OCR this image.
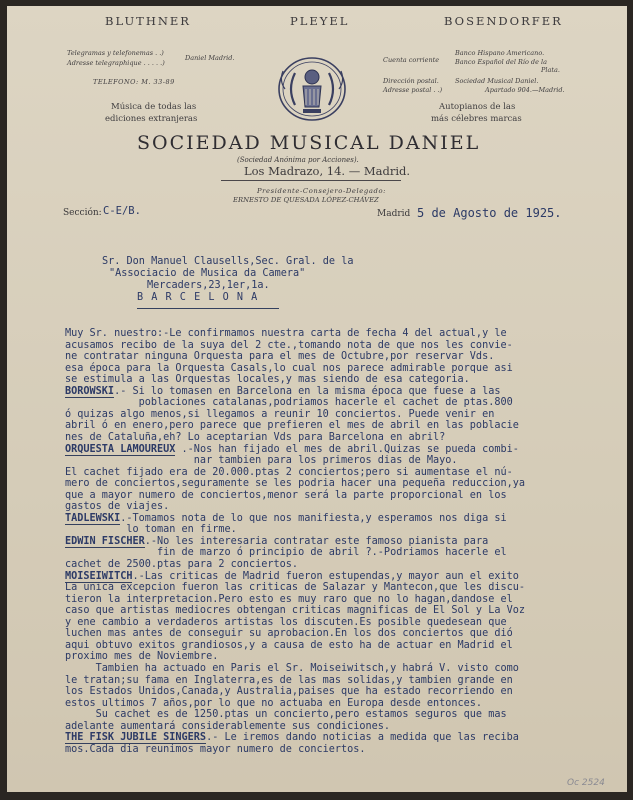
BLUTHNER	PLEYEL	BOSENDORFER
Telegramas y telefonemas . .)
Daniel Madrid.
Adresse telegraphique . . . . .)
TELEFONO: M. 33-89
Música de todas las
ediciones extranjeras
Cuenta corriente
Banco Hispano Americano.
Banco Español del Río de la
Plata.
Dirección postal. Sociedad Musical Daniel.
Adresse postal . .)	Apartado 904.—Madrid.
Autopianos de las
más célebres marcas
SOCIEDAD MUSICAL DANIEL
(Sociedad Anónima por Acciones).
Los Madrazo, 14. — Madrid.
Presidente-Consejero-Delegado:
ERNESTO DE QUESADA LÓPEZ-CHÁVEZ
Sección: C-E/B.	Madrid 5 de Agosto de 1925.

Sr. Don Manuel Clausells,Sec. Gral. de la

"Associacio de Musica da Camera"

Mercaders,23,1er,1a.

B A R C E L O N A

Muy Sr. nuestro:-Le confirmamos nuestra carta de fecha 4 del actual,y le
acusamos recibo de la suya del 2 cte.,tomando nota de que nos les convie-
ne contratar ninguna Orquesta para el mes de Octubre,por reservar Vds.
esa época para la Orquesta Casals,lo cual nos parece admirable porque asi
se estimula a las Orquestas locales,y mas siendo de esa categoria.
BOROWSKI.- Si lo tomasen en Barcelona en la misma época que fuese a las
poblaciones catalanas,podriamos hacerle el cachet de ptas.800
ó quizas algo menos,si llegamos a reunir 10 conciertos. Puede venir en
abril ó en enero,pero parece que prefieren el mes de abril en las poblacie
nes de Cataluña,eh? Lo aceptarian Vds para Barcelona en abril?
ORQUESTA LAMOUREUX .-Nos han fijado el mes de abril.Quizas se pueda combi-
nar tambien para los primeros dias de Mayo.
El cachet fijado era de 20.000.ptas 2 conciertos;pero si aumentase el nú-
mero de conciertos,seguramente se les podria hacer una pequeña reduccion,ya
que a mayor numero de conciertos,menor será la parte proporcional en los
gastos de viajes.
TADLEWSKI.-Tomamos nota de lo que nos manifiesta,y esperamos nos diga si
lo toman en firme.
EDWIN FISCHER.-No les interesaria contratar este famoso pianista para
fin de marzo ó principio de abril ?.-Podriamos hacerle el
cachet de 2500.ptas para 2 conciertos.
MOISEIWITCH.-Las criticas de Madrid fueron estupendas,y mayor aun el exito
La unica excepcion fueron las criticas de Salazar y Mantecon,que les discu-
tieron la interpretacion.Pero esto es muy raro que no lo hagan,dandose el
caso que artistas mediocres obtengan criticas magnificas de El Sol y La Voz
y ene cambio a verdaderos artistas los discuten.Es posible quedesean que
luchen mas antes de conseguir su aprobacion.En los dos conciertos que dió
aqui obtuvo exitos grandiosos,y a causa de esto ha de actuar en Madrid el
proximo mes de Noviembre.
Tambien ha actuado en Paris el Sr. Moiseiwitsch,y habrá V. visto como
le tratan;su fama en Inglaterra,es de las mas solidas,y tambien grande en
los Estados Unidos,Canada,y Australia,paises que ha estado recorriendo en
estos ultimos 7 años,por lo que no actuaba en Europa desde entonces.
Su cachet es de 1250.ptas un concierto,pero estamos seguros que mas
adelante aumentará considerablemente sus condiciones.
THE FISK JUBILE SINGERS.- Le iremos dando noticias a medida que las reciba
mos.Cada dia reunimos mayor numero de conciertos.
Oc 2524
